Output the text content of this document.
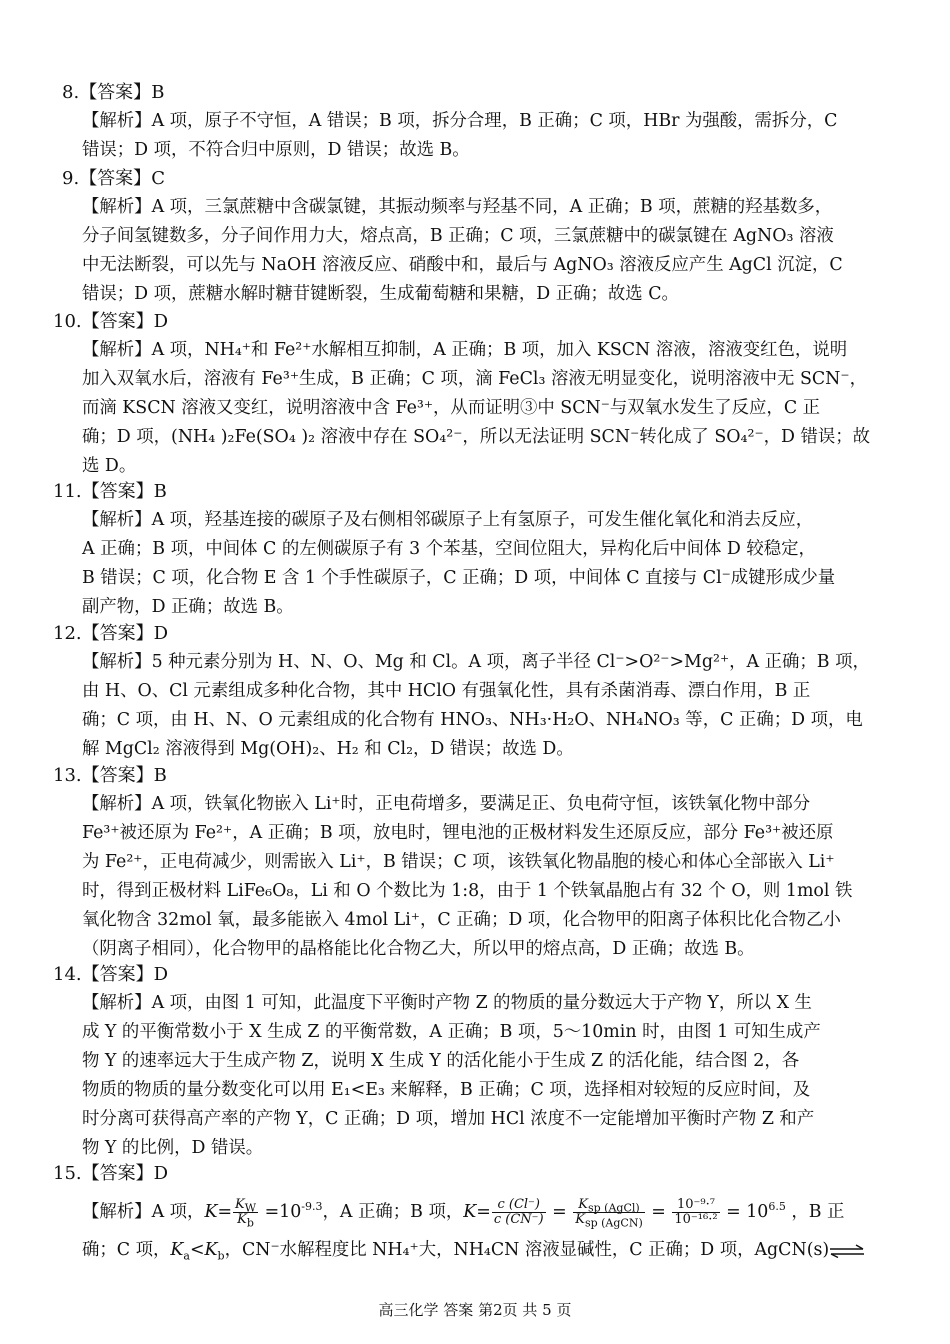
8.【答案】B
【解析】A 项，原子不守恒，A 错误；B 项，拆分合理，B 正确；C 项，HBr 为强酸，需拆分，C
错误；D 项，不符合归中原则，D 错误；故选 B。
9.【答案】C
【解析】A 项，三氯蔗糖中含碳氯键，其振动频率与羟基不同，A 正确；B 项，蔗糖的羟基数多，
分子间氢键数多，分子间作用力大，熔点高，B 正确；C 项，三氯蔗糖中的碳氯键在 AgNO₃ 溶液
中无法断裂，可以先与 NaOH 溶液反应、硝酸中和，最后与 AgNO₃ 溶液反应产生 AgCl 沉淀，C
错误；D 项，蔗糖水解时糖苷键断裂，生成葡萄糖和果糖，D 正确；故选 C。
10.【答案】D
【解析】A 项，NH₄⁺和 Fe²⁺水解相互抑制，A 正确；B 项，加入 KSCN 溶液，溶液变红色，说明
加入双氧水后，溶液有 Fe³⁺生成，B 正确；C 项，滴 FeCl₃ 溶液无明显变化，说明溶液中无 SCN⁻，
而滴 KSCN 溶液又变红，说明溶液中含 Fe³⁺，从而证明③中 SCN⁻与双氧水发生了反应，C 正
确；D 项，(NH₄ )₂Fe(SO₄ )₂ 溶液中存在 SO₄²⁻，所以无法证明 SCN⁻转化成了 SO₄²⁻，D 错误；故
选 D。
11.【答案】B
【解析】A 项，羟基连接的碳原子及右侧相邻碳原子上有氢原子，可发生催化氧化和消去反应，
A 正确；B 项，中间体 C 的左侧碳原子有 3 个苯基，空间位阻大，异构化后中间体 D 较稳定，
B 错误；C 项，化合物 E 含 1 个手性碳原子，C 正确；D 项，中间体 C 直接与 Cl⁻成键形成少量
副产物，D 正确；故选 B。
12.【答案】D
【解析】5 种元素分别为 H、N、O、Mg 和 Cl。A 项，离子半径 Cl⁻>O²⁻>Mg²⁺，A 正确；B 项，
由 H、O、Cl 元素组成多种化合物，其中 HClO 有强氧化性，具有杀菌消毒、漂白作用，B 正
确；C 项，由 H、N、O 元素组成的化合物有 HNO₃、NH₃·H₂O、NH₄NO₃ 等，C 正确；D 项，电
解 MgCl₂ 溶液得到 Mg(OH)₂、H₂ 和 Cl₂，D 错误；故选 D。
13.【答案】B
【解析】A 项，铁氧化物嵌入 Li⁺时，正电荷增多，要满足正、负电荷守恒，该铁氧化物中部分
Fe³⁺被还原为 Fe²⁺，A 正确；B 项，放电时，锂电池的正极材料发生还原反应，部分 Fe³⁺被还原
为 Fe²⁺，正电荷减少，则需嵌入 Li⁺，B 错误；C 项，该铁氧化物晶胞的棱心和体心全部嵌入 Li⁺
时，得到正极材料 LiFe₆O₈，Li 和 O 个数比为 1:8，由于 1 个铁氧晶胞占有 32 个 O，则 1mol 铁
氧化物含 32mol 氧，最多能嵌入 4mol Li⁺，C 正确；D 项，化合物甲的阳离子体积比化合物乙小
（阴离子相同），化合物甲的晶格能比化合物乙大，所以甲的熔点高，D 正确；故选 B。
14.【答案】D
【解析】A 项，由图 1 可知，此温度下平衡时产物 Z 的物质的量分数远大于产物 Y，所以 X 生
成 Y 的平衡常数小于 X 生成 Z 的平衡常数，A 正确；B 项，5～10min 时，由图 1 可知生成产
物 Y 的速率远大于生成产物 Z，说明 X 生成 Y 的活化能小于生成 Z 的活化能，结合图 2，各
物质的物质的量分数变化可以用 E₁<E₃ 来解释，B 正确；C 项，选择相对较短的反应时间，及
时分离可获得高产率的产物 Y，C 正确；D 项，增加 HCl 浓度不一定能增加平衡时产物 Z 和产
物 Y 的比例，D 错误。
15.【答案】D
【解析】A 项，$K= \frac{K_W}{K_b} =10^{-9.3}$，A 正确；B 项，$K= \frac{c (Cl^-)}{c (CN^-)} = \frac{K_{sp (AgCl)}}{K_{sp (AgCN)}} = \frac{\text{10⁻⁹·⁷}}{\text{10⁻¹⁶·²}} = 10^{6.5}$ ，B 正
确；C 项，$K_a<K_b$，CN⁻水解程度比 NH₄⁺大，NH₄CN 溶液显碱性，C 正确；D 项，AgCN(s)⇌
高三化学 答案 第2页 共 5 页
